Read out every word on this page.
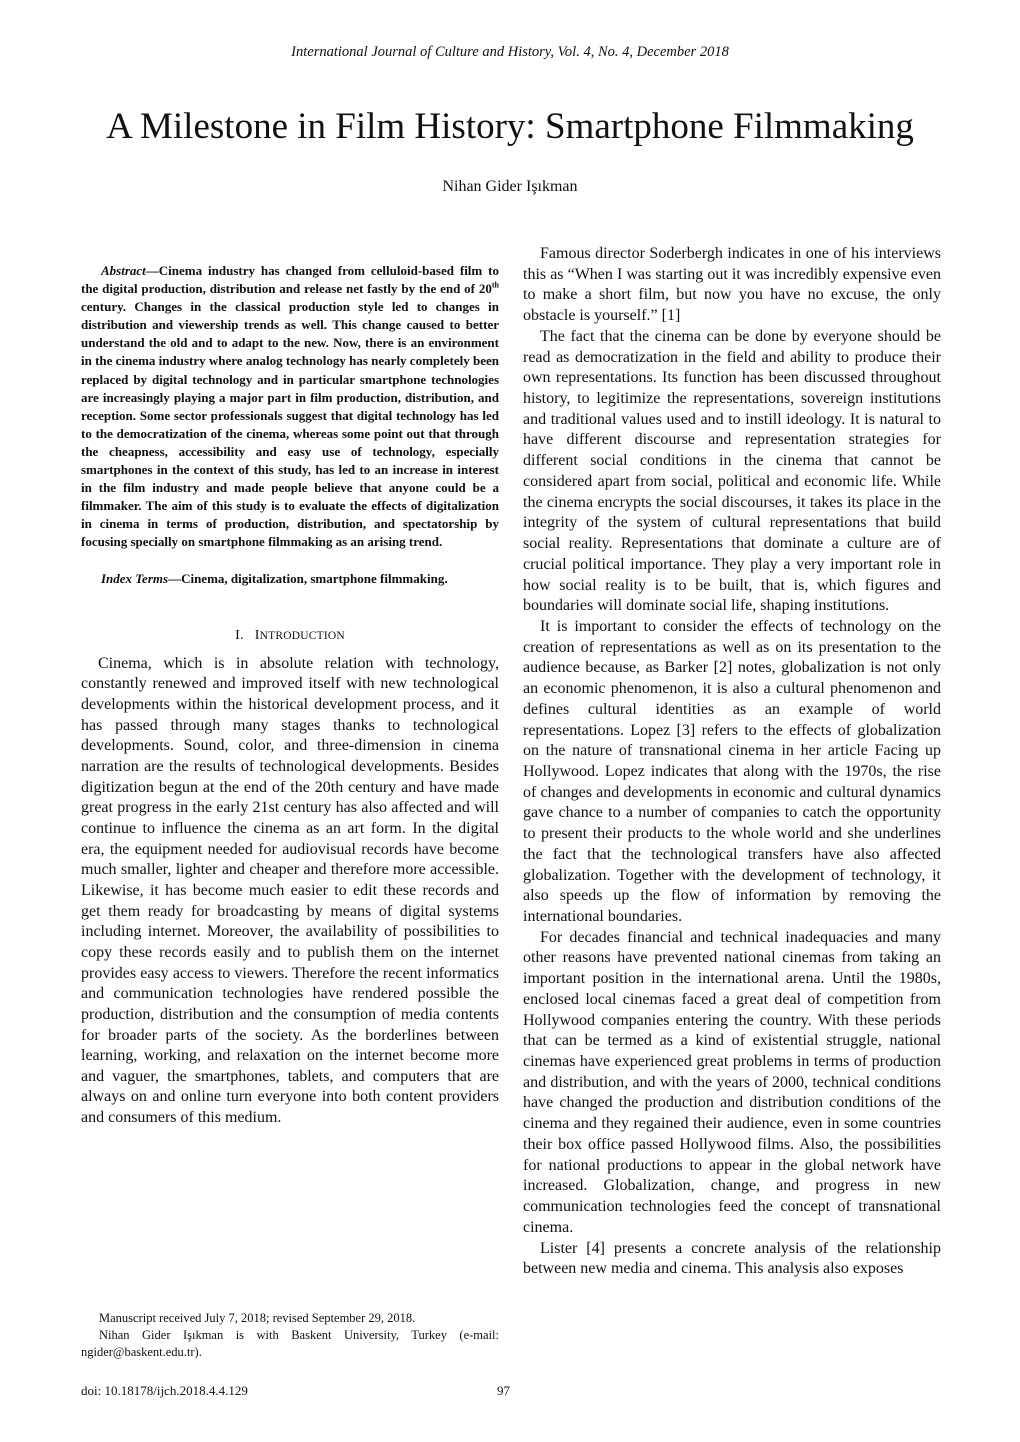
International Journal of Culture and History, Vol. 4, No. 4, December 2018
A Milestone in Film History: Smartphone Filmmaking
Nihan Gider Işıkman

Abstract—Cinema industry has changed from celluloid-based film to the digital production, distribution and release net fastly by the end of 20th century. Changes in the classical production style led to changes in distribution and viewership trends as well. This change caused to better understand the old and to adapt to the new. Now, there is an environment in the cinema industry where analog technology has nearly completely been replaced by digital technology and in particular smartphone technologies are increasingly playing a major part in film production, distribution, and reception. Some sector professionals suggest that digital technology has led to the democratization of the cinema, whereas some point out that through the cheapness, accessibility and easy use of technology, especially smartphones in the context of this study, has led to an increase in interest in the film industry and made people believe that anyone could be a filmmaker. The aim of this study is to evaluate the effects of digitalization in cinema in terms of production, distribution, and spectatorship by focusing specially on smartphone filmmaking as an arising trend.

Index Terms—Cinema, digitalization, smartphone filmmaking.

I. INTRODUCTION

Cinema, which is in absolute relation with technology, constantly renewed and improved itself with new technological developments within the historical development process, and it has passed through many stages thanks to technological developments. Sound, color, and three-dimension in cinema narration are the results of technological developments. Besides digitization begun at the end of the 20th century and have made great progress in the early 21st century has also affected and will continue to influence the cinema as an art form. In the digital era, the equipment needed for audiovisual records have become much smaller, lighter and cheaper and therefore more accessible. Likewise, it has become much easier to edit these records and get them ready for broadcasting by means of digital systems including internet. Moreover, the availability of possibilities to copy these records easily and to publish them on the internet provides easy access to viewers. Therefore the recent informatics and communication technologies have rendered possible the production, distribution and the consumption of media contents for broader parts of the society. As the borderlines between learning, working, and relaxation on the internet become more and vaguer, the smartphones, tablets, and computers that are always on and online turn everyone into both content providers and consumers of this medium.

Famous director Soderbergh indicates in one of his interviews this as “When I was starting out it was incredibly expensive even to make a short film, but now you have no excuse, the only obstacle is yourself.” [1]

The fact that the cinema can be done by everyone should be read as democratization in the field and ability to produce their own representations. Its function has been discussed throughout history, to legitimize the representations, sovereign institutions and traditional values used and to instill ideology. It is natural to have different discourse and representation strategies for different social conditions in the cinema that cannot be considered apart from social, political and economic life. While the cinema encrypts the social discourses, it takes its place in the integrity of the system of cultural representations that build social reality. Representations that dominate a culture are of crucial political importance. They play a very important role in how social reality is to be built, that is, which figures and boundaries will dominate social life, shaping institutions.

It is important to consider the effects of technology on the creation of representations as well as on its presentation to the audience because, as Barker [2] notes, globalization is not only an economic phenomenon, it is also a cultural phenomenon and defines cultural identities as an example of world representations. Lopez [3] refers to the effects of globalization on the nature of transnational cinema in her article Facing up Hollywood. Lopez indicates that along with the 1970s, the rise of changes and developments in economic and cultural dynamics gave chance to a number of companies to catch the opportunity to present their products to the whole world and she underlines the fact that the technological transfers have also affected globalization. Together with the development of technology, it also speeds up the flow of information by removing the international boundaries.

For decades financial and technical inadequacies and many other reasons have prevented national cinemas from taking an important position in the international arena. Until the 1980s, enclosed local cinemas faced a great deal of competition from Hollywood companies entering the country. With these periods that can be termed as a kind of existential struggle, national cinemas have experienced great problems in terms of production and distribution, and with the years of 2000, technical conditions have changed the production and distribution conditions of the cinema and they regained their audience, even in some countries their box office passed Hollywood films. Also, the possibilities for national productions to appear in the global network have increased. Globalization, change, and progress in new communication technologies feed the concept of transnational cinema.

Lister [4] presents a concrete analysis of the relationship between new media and cinema. This analysis also exposes

Manuscript received July 7, 2018; revised September 29, 2018.

Nihan Gider Işıkman is with Baskent University, Turkey (e-mail: ngider@baskent.edu.tr).

doi: 10.18178/ijch.2018.4.4.129	97
